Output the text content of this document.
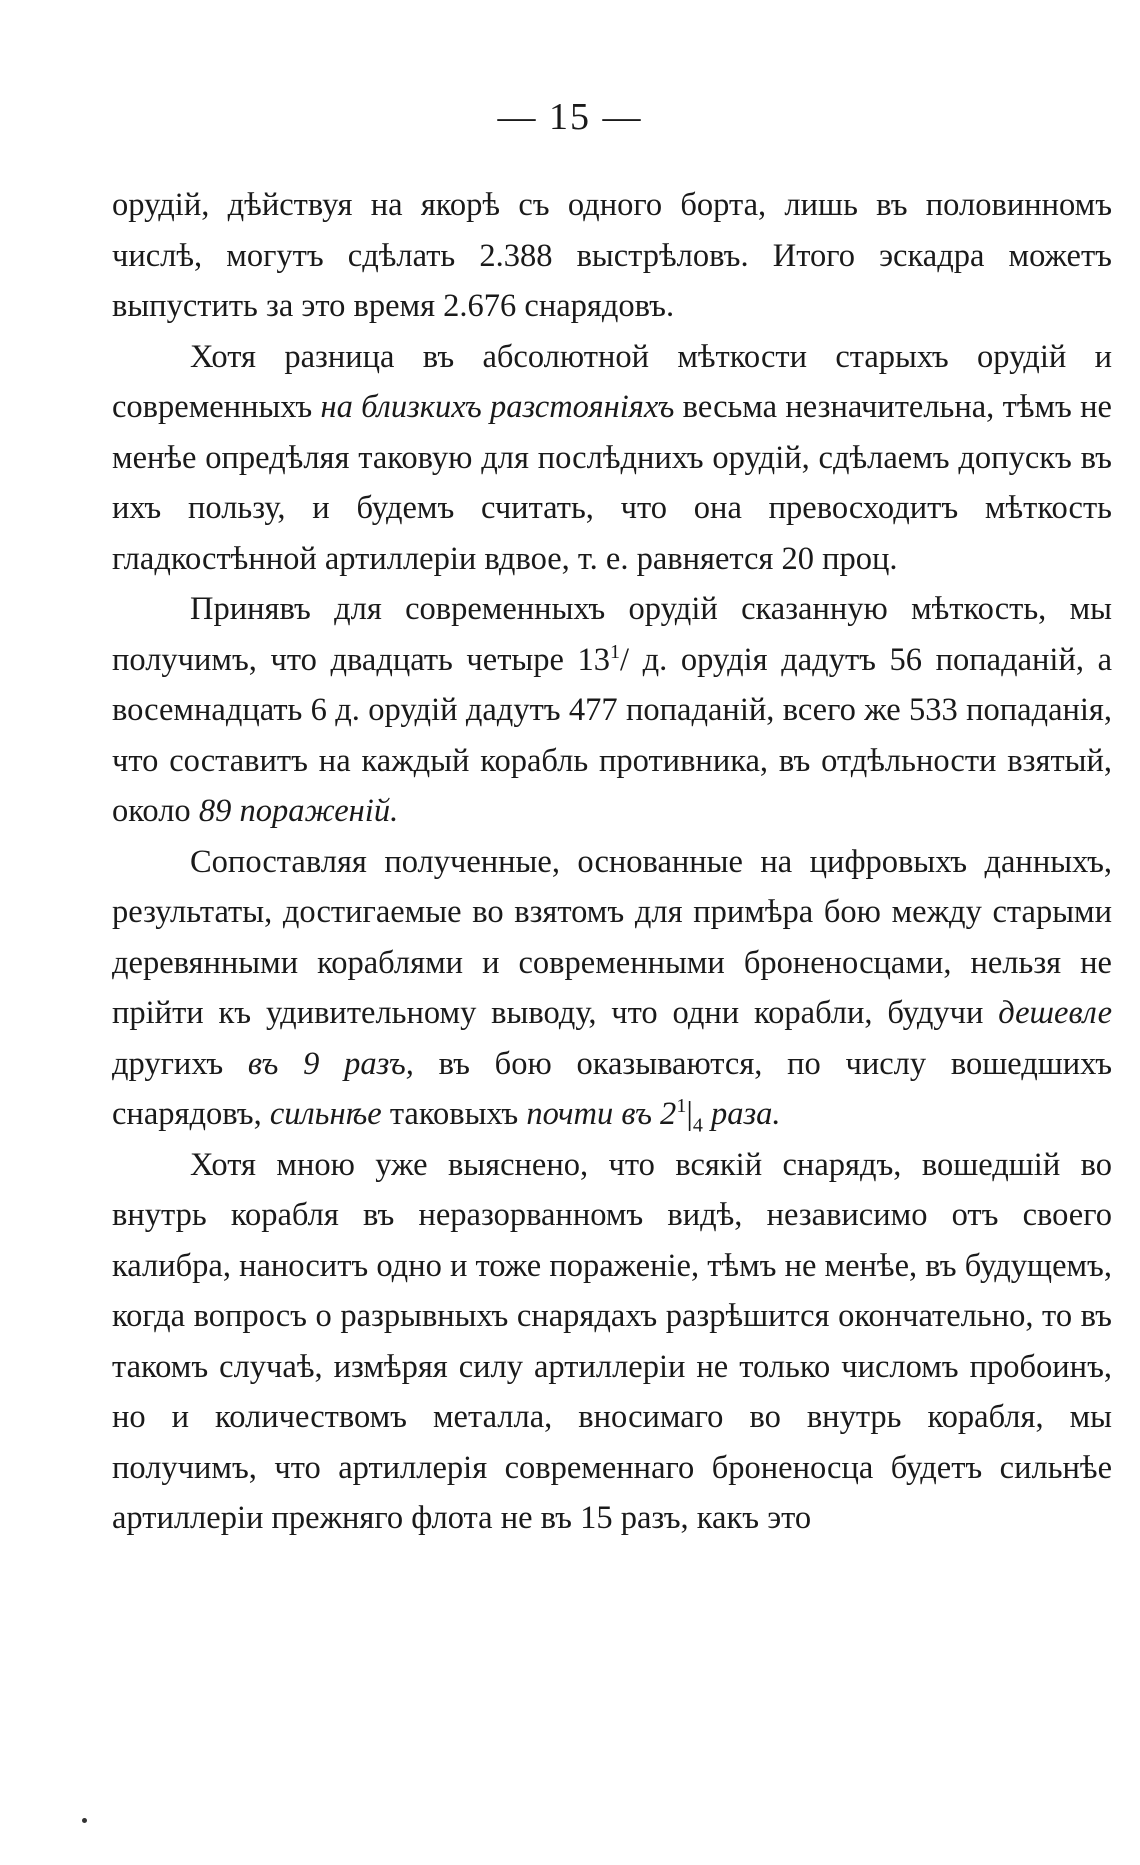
— 15 —

орудій, дѣйствуя на якорѣ съ одного борта, лишь въ половинномъ числѣ, могутъ сдѣлать 2.388 выстрѣловъ. Итого эскадра можетъ выпустить за это время 2.676 снарядовъ.

Хотя разница въ абсолютной мѣткости старыхъ орудій и современныхъ на близкихъ разстояніяхъ весьма незначительна, тѣмъ не менѣе опредѣляя таковую для послѣднихъ орудій, сдѣлаемъ допускъ въ ихъ пользу, и будемъ считать, что она превосходитъ мѣткость гладкостѣнной артиллеріи вдвое, т. е. равняется 20 проц.

Принявъ для современныхъ орудій сказанную мѣткость, мы получимъ, что двадцать четыре $13^1/$ д. орудія дадутъ 56 попаданій, а восемнадцать 6 д. орудій дадутъ 477 попаданій, всего же 533 попаданія, что составитъ на каждый корабль противника, въ отдѣльности взятый, около 89 пораженій.

Сопоставляя полученные, основанные на цифровыхъ данныхъ, результаты, достигаемые во взятомъ для примѣра бою между старыми деревянными кораблями и современными броненосцами, нельзя не прійти къ удивительному выводу, что одни корабли, будучи дешевле другихъ въ 9 разъ, въ бою оказываются, по числу вошедшихъ снарядовъ, сильнѣе таковыхъ почти въ $2^1|_4$ раза.

Хотя мною уже выяснено, что всякій снарядъ, вошедшій во внутрь корабля въ неразорванномъ видѣ, независимо отъ своего калибра, наноситъ одно и тоже пораженіе, тѣмъ не менѣе, въ будущемъ, когда вопросъ о разрывныхъ снарядахъ разрѣшится окончательно, то въ такомъ случаѣ, измѣряя силу артиллеріи не только числомъ пробоинъ, но и количествомъ металла, вносимаго во внутрь корабля, мы получимъ, что артиллерія современнаго броненосца будетъ сильнѣе артиллеріи прежняго флота не въ 15 разъ, какъ это
